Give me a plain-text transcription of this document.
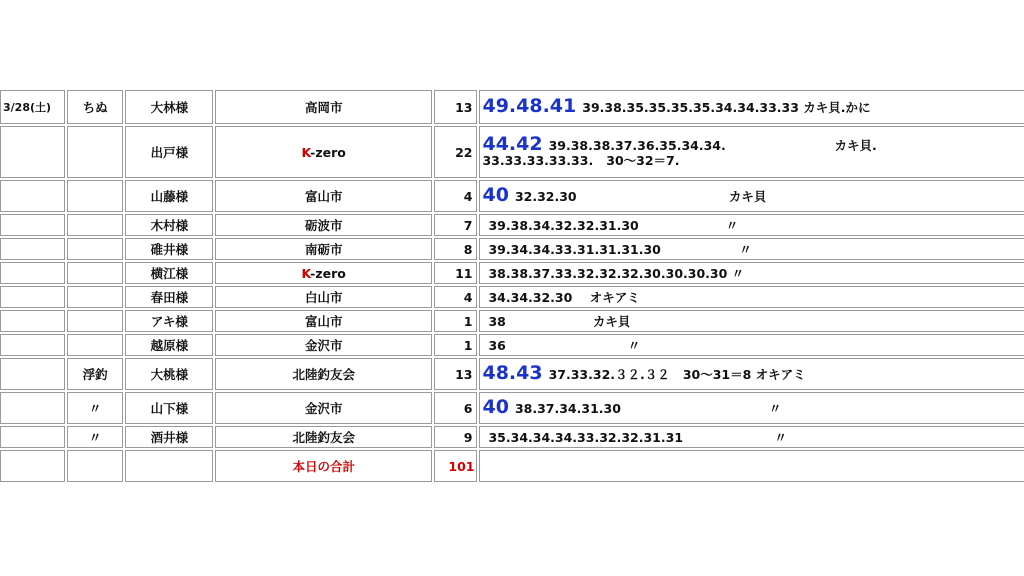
3/28(土)	ちぬ	大林様	高岡市	13	49.48.41 39.38.35.35.35.35.34.34.33.33 カキ貝.かに
		出戸様	K-zero	22	44.42 39.38.38.37.36.35.34.34.                         カキ貝.
33.33.33.33.33.   30～32＝7.

		山藤様	富山市	4	40 32.32.30                                   カキ貝
		木村様	砺波市	7	39.38.34.32.32.31.30                    〃
		碓井様	南砺市	8	39.34.34.33.31.31.31.30                  〃
		横江様	K-zero	11	38.38.37.33.32.32.32.30.30.30.30 〃
		春田様	白山市	4	34.34.32.30    オキアミ
		アキ様	富山市	1	38                    カキ貝
		越原様	金沢市	1	36                            〃
	浮釣	大桃様	北陸釣友会	13	48.43 37.33.32.３２.３２   30～31＝8 オキアミ
	〃	山下様	金沢市	6	40 38.37.34.31.30                                  〃
	〃	酒井様	北陸釣友会	9	35.34.34.34.33.32.32.31.31                     〃
			本日の合計	101	
